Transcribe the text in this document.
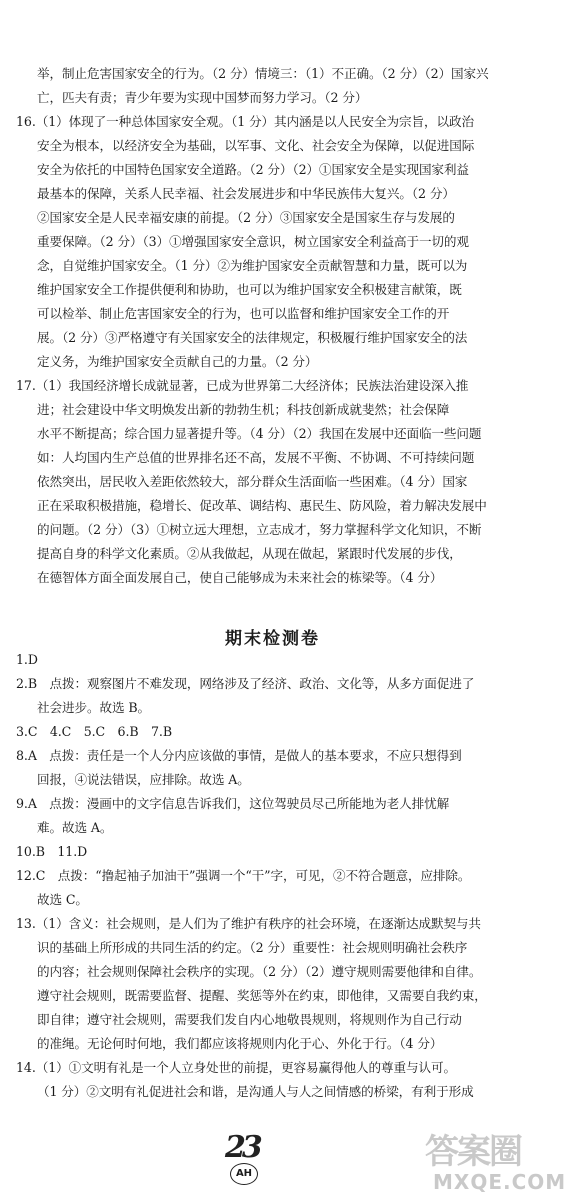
举，制止危害国家安全的行为。（2 分）情境三：（1）不正确。（2 分）（2）国家兴
亡，匹夫有责；青少年要为实现中国梦而努力学习。（2 分）
16.（1）体现了一种总体国家安全观。（1 分）其内涵是以人民安全为宗旨，以政治
安全为根本，以经济安全为基础，以军事、文化、社会安全为保障，以促进国际
安全为依托的中国特色国家安全道路。（2 分）（2）①国家安全是实现国家利益
最基本的保障，关系人民幸福、社会发展进步和中华民族伟大复兴。（2 分）
②国家安全是人民幸福安康的前提。（2 分）③国家安全是国家生存与发展的
重要保障。（2 分）（3）①增强国家安全意识，树立国家安全利益高于一切的观
念，自觉维护国家安全。（1 分）②为维护国家安全贡献智慧和力量，既可以为
维护国家安全工作提供便利和协助，也可以为维护国家安全积极建言献策，既
可以检举、制止危害国家安全的行为，也可以监督和维护国家安全工作的开
展。（2 分）③严格遵守有关国家安全的法律规定，积极履行维护国家安全的法
定义务，为维护国家安全贡献自己的力量。（2 分）
17.（1）我国经济增长成就显著，已成为世界第二大经济体；民族法治建设深入推
进；社会建设中华文明焕发出新的勃勃生机；科技创新成就斐然；社会保障
水平不断提高；综合国力显著提升等。（4 分）（2）我国在发展中还面临一些问题
如：人均国内生产总值的世界排名还不高，发展不平衡、不协调、不可持续问题
依然突出，居民收入差距依然较大，部分群众生活面临一些困难。（4 分）国家
正在采取积极措施，稳增长、促改革、调结构、惠民生、防风险，着力解决发展中
的问题。（2 分）（3）①树立远大理想，立志成才，努力掌握科学文化知识，不断
提高自身的科学文化素质。②从我做起，从现在做起，紧跟时代发展的步伐，
在德智体方面全面发展自己，使自己能够成为未来社会的栋梁等。（4 分）
期末检测卷
1.D
2.B　点拨：观察图片不难发现，网络涉及了经济、政治、文化等，从多方面促进了
社会进步。故选 B。
3.C　4.C　5.C　6.B　7.B
8.A　点拨：责任是一个人分内应该做的事情，是做人的基本要求，不应只想得到
回报，④说法错误，应排除。故选 A。
9.A　点拨：漫画中的文字信息告诉我们，这位驾驶员尽己所能地为老人排忧解
难。故选 A。
10.B　11.D
12.C　点拨：“撸起袖子加油干”强调一个“干”字，可见，②不符合题意，应排除。
故选 C。
13.（1）含义：社会规则，是人们为了维护有秩序的社会环境，在逐渐达成默契与共
识的基础上所形成的共同生活的约定。（2 分）重要性：社会规则明确社会秩序
的内容；社会规则保障社会秩序的实现。（2 分）（2）遵守规则需要他律和自律。
遵守社会规则，既需要监督、提醒、奖惩等外在约束，即他律，又需要自我约束，
即自律；遵守社会规则，需要我们发自内心地敬畏规则，将规则作为自己行动
的准绳。无论何时何地，我们都应该将规则内化于心、外化于行。（4 分）
14.（1）①文明有礼是一个人立身处世的前提，更容易赢得他人的尊重与认可。
（1 分）②文明有礼促进社会和谐，是沟通人与人之间情感的桥梁，有利于形成
23
AH
答案圈
MXQE.COM
